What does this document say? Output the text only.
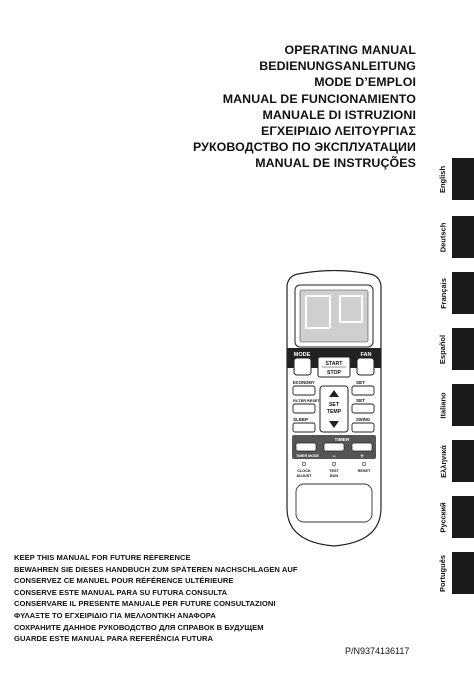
OPERATING MANUAL
BEDIENUNGSANLEITUNG
MODE D’EMPLOI
MANUAL DE FUNCIONAMIENTO
MANUALE DI ISTRUZIONI
ΕΓΧΕΙΡΙΔΙΟ ΛΕΙΤΟΥΡΓΙΑΣ
РУКОВОДСТВО ПО ЭКСПЛУАТАЦИИ
MANUAL DE INSTRUÇÕES
English
Deutsch
Français
Español
Italiano
Ελληνικά
Русский
Português
MODE	FAN
START
STOP
ECONOMY	SET
FILTER RESET	SET
SET
TEMP
SLEEP	SWING
TIMER
TIMER MODE −	+
CLOCK
ADJUST
TEST
RUN
RESET
KEEP THIS MANUAL FOR FUTURE REFERENCE
BEWAHREN SIE DIESES HANDBUCH ZUM SPÄTEREN NACHSCHLAGEN AUF
CONSERVEZ CE MANUEL POUR RÉFÉRENCE ULTÉRIEURE
CONSERVE ESTE MANUAL PARA SU FUTURA CONSULTA
CONSERVARE IL PRESENTE MANUALE PER FUTURE CONSULTAZIONI
ΦΥΛΑΞΤΕ ΤΟ ΕΓΧΕΙΡΙΔΙΟ ΓΙΑ ΜΕΛΛΟΝΤΙΚΗ ΑΝΑΦΟΡΑ
СОХРАНИТЕ ДАННОЕ РУКОВОДСТВО ДЛЯ СПРАВОК В БУДУЩЕМ
GUARDE ESTE MANUAL PARA REFERÊNCIA FUTURA
P/N9374136117
